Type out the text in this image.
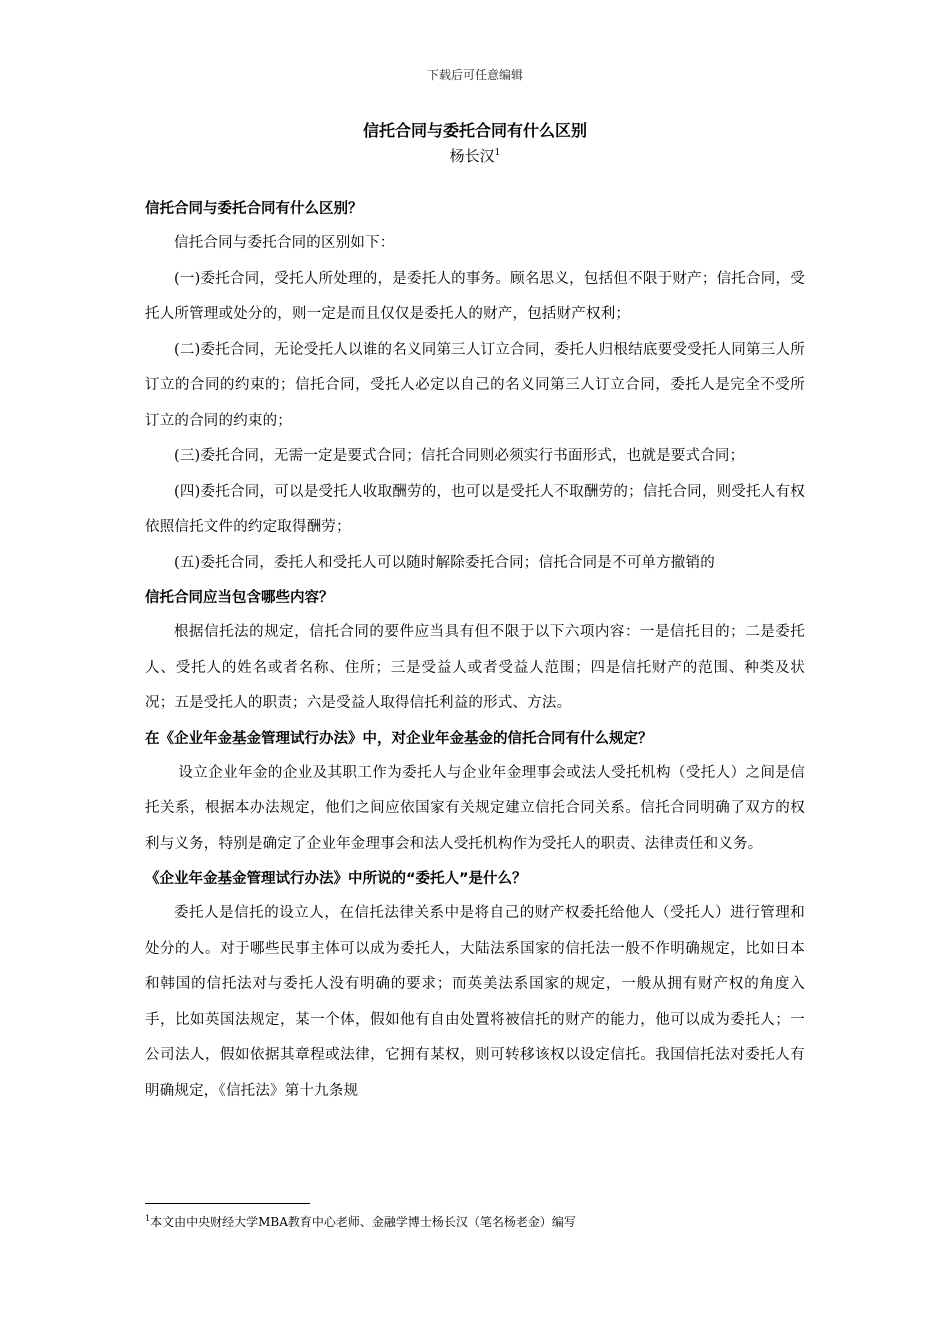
下载后可任意编辑
信托合同与委托合同有什么区别
杨长汉$^1$

信托合同与委托合同有什么区别？

信托合同与委托合同的区别如下：

(一)委托合同，受托人所处理的，是委托人的事务。顾名思义，包括但不限于财产；信托合同，受托人所管理或处分的，则一定是而且仅仅是委托人的财产，包括财产权利；

(二)委托合同，无论受托人以谁的名义同第三人订立合同，委托人归根结底要受受托人同第三人所订立的合同的约束的；信托合同，受托人必定以自己的名义同第三人订立合同，委托人是完全不受所订立的合同的约束的；

(三)委托合同，无需一定是要式合同；信托合同则必须实行书面形式，也就是要式合同；

(四)委托合同，可以是受托人收取酬劳的，也可以是受托人不取酬劳的；信托合同，则受托人有权依照信托文件的约定取得酬劳；

(五)委托合同，委托人和受托人可以随时解除委托合同；信托合同是不可单方撤销的

信托合同应当包含哪些内容？

根据信托法的规定，信托合同的要件应当具有但不限于以下六项内容：一是信托目的；二是委托人、受托人的姓名或者名称、住所；三是受益人或者受益人范围；四是信托财产的范围、种类及状况；五是受托人的职责；六是受益人取得信托利益的形式、方法。

在《企业年金基金管理试行办法》中，对企业年金基金的信托合同有什么规定？

设立企业年金的企业及其职工作为委托人与企业年金理事会或法人受托机构（受托人）之间是信托关系，根据本办法规定，他们之间应依国家有关规定建立信托合同关系。信托合同明确了双方的权利与义务，特别是确定了企业年金理事会和法人受托机构作为受托人的职责、法律责任和义务。

《企业年金基金管理试行办法》中所说的“委托人”是什么？

委托人是信托的设立人，在信托法律关系中是将自己的财产权委托给他人（受托人）进行管理和处分的人。对于哪些民事主体可以成为委托人，大陆法系国家的信托法一般不作明确规定，比如日本和韩国的信托法对与委托人没有明确的要求；而英美法系国家的规定，一般从拥有财产权的角度入手，比如英国法规定，某一个体，假如他有自由处置将被信托的财产的能力，他可以成为委托人；一公司法人，假如依据其章程或法律，它拥有某权，则可转移该权以设定信托。我国信托法对委托人有明确规定，《信托法》第十九条规

$^1$本文由中央财经大学MBA教育中心老师、金融学博士杨长汉（笔名杨老金）编写
